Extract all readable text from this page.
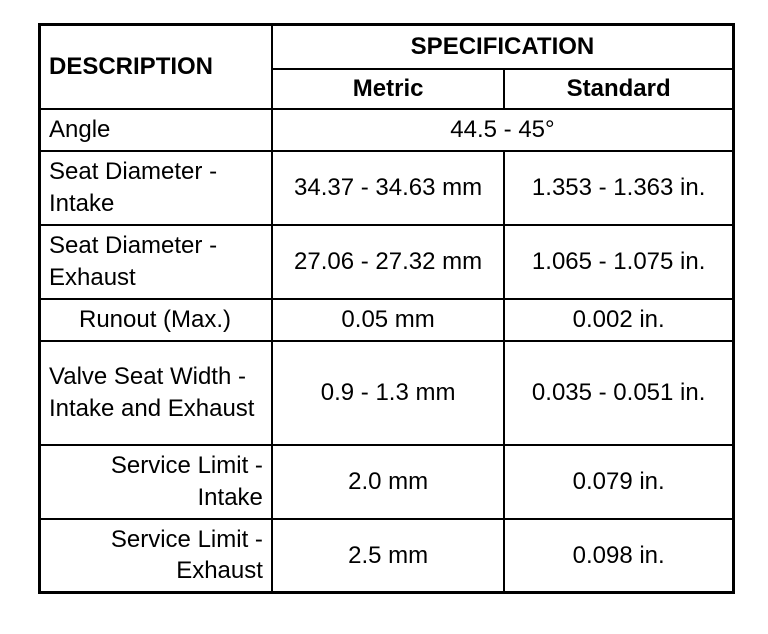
DESCRIPTION	SPECIFICATION	
	Metric	Standard
Angle	44.5 - 45°	
Seat Diameter - Intake	34.37 - 34.63 mm	1.353 - 1.363 in.
Seat Diameter - Exhaust	27.06 - 27.32 mm	1.065 - 1.075 in.
Runout (Max.)	0.05 mm	0.002 in.
Valve Seat Width - Intake and Exhaust	0.9 - 1.3 mm	0.035 - 0.051 in.
Service Limit - Intake	2.0 mm	0.079 in.
Service Limit - Exhaust	2.5 mm	0.098 in.
